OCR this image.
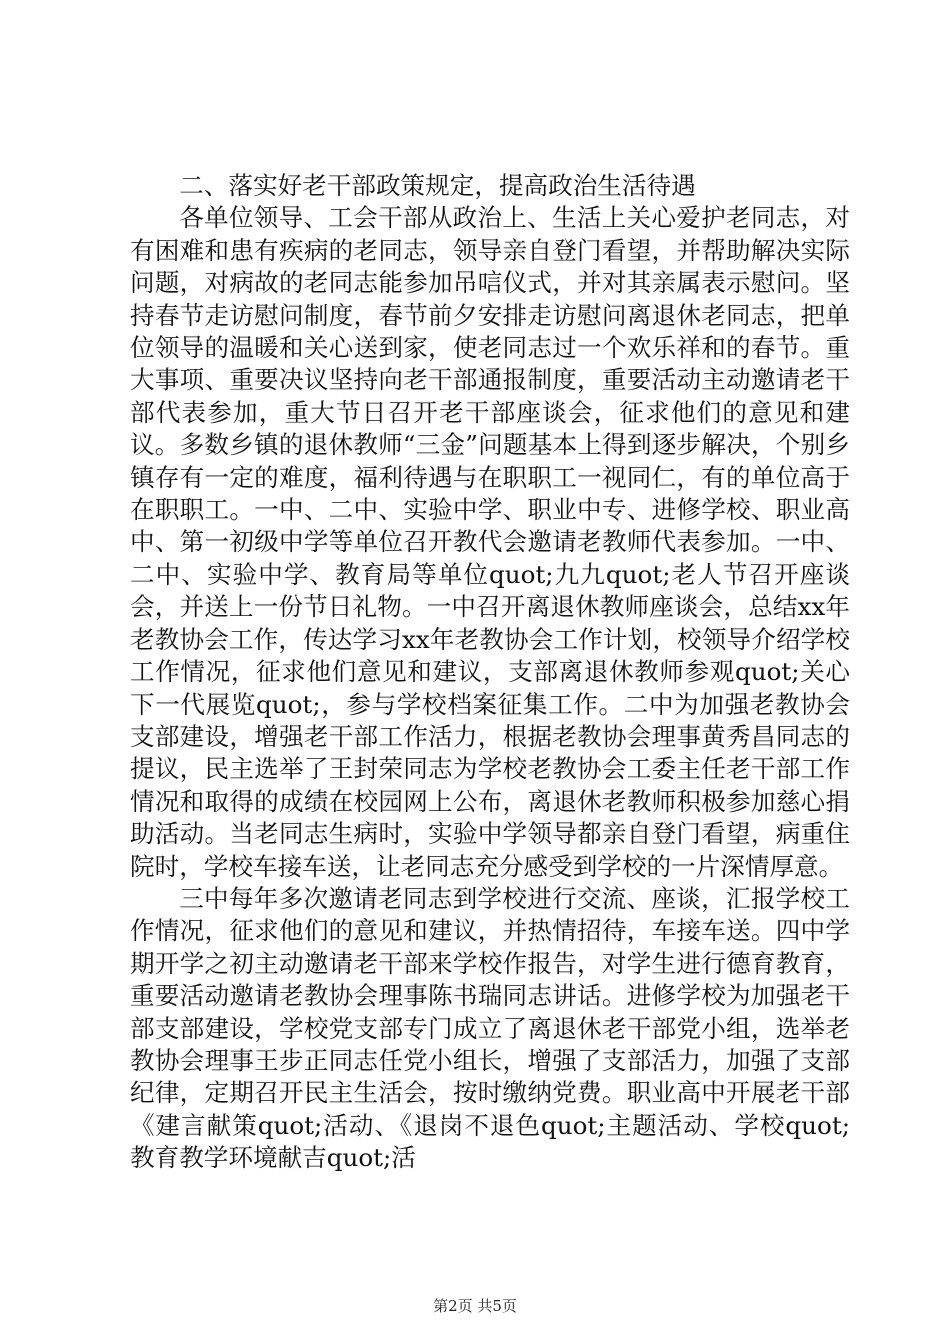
二、落实好老干部政策规定，提高政治生活待遇

各单位领导、工会干部从政治上、生活上关心爱护老同志，对有困难和患有疾病的老同志，领导亲自登门看望，并帮助解决实际问题，对病故的老同志能参加吊唁仪式，并对其亲属表示慰问。坚持春节走访慰问制度，春节前夕安排走访慰问离退休老同志，把单位领导的温暖和关心送到家，使老同志过一个欢乐祥和的春节。重大事项、重要决议坚持向老干部通报制度，重要活动主动邀请老干部代表参加，重大节日召开老干部座谈会，征求他们的意见和建议。多数乡镇的退休教师“三金”问题基本上得到逐步解决，个别乡镇存有一定的难度，福利待遇与在职职工一视同仁，有的单位高于在职职工。一中、二中、实验中学、职业中专、进修学校、职业高中、第一初级中学等单位召开教代会邀请老教师代表参加。一中、二中、实验中学、教育局等单位quot;九九quot;老人节召开座谈会，并送上一份节日礼物。一中召开离退休教师座谈会，总结xx年老教协会工作，传达学习xx年老教协会工作计划，校领导介绍学校工作情况，征求他们意见和建议，支部离退休教师参观quot;关心下一代展览quot;，参与学校档案征集工作。二中为加强老教协会支部建设，增强老干部工作活力，根据老教协会理事黄秀昌同志的提议，民主选举了王封荣同志为学校老教协会工委主任老干部工作情况和取得的成绩在校园网上公布，离退休老教师积极参加慈心捐助活动。当老同志生病时，实验中学领导都亲自登门看望，病重住院时，学校车接车送，让老同志充分感受到学校的一片深情厚意。

三中每年多次邀请老同志到学校进行交流、座谈，汇报学校工作情况，征求他们的意见和建议，并热情招待，车接车送。四中学期开学之初主动邀请老干部来学校作报告，对学生进行德育教育，重要活动邀请老教协会理事陈书瑞同志讲话。进修学校为加强老干部支部建设，学校党支部专门成立了离退休老干部党小组，选举老教协会理事王步正同志任党小组长，增强了支部活力，加强了支部纪律，定期召开民主生活会，按时缴纳党费。职业高中开展老干部《建言献策quot;活动、《退岗不退色quot;主题活动、学校quot;教育教学环境献吉quot;活

第2页 共5页
